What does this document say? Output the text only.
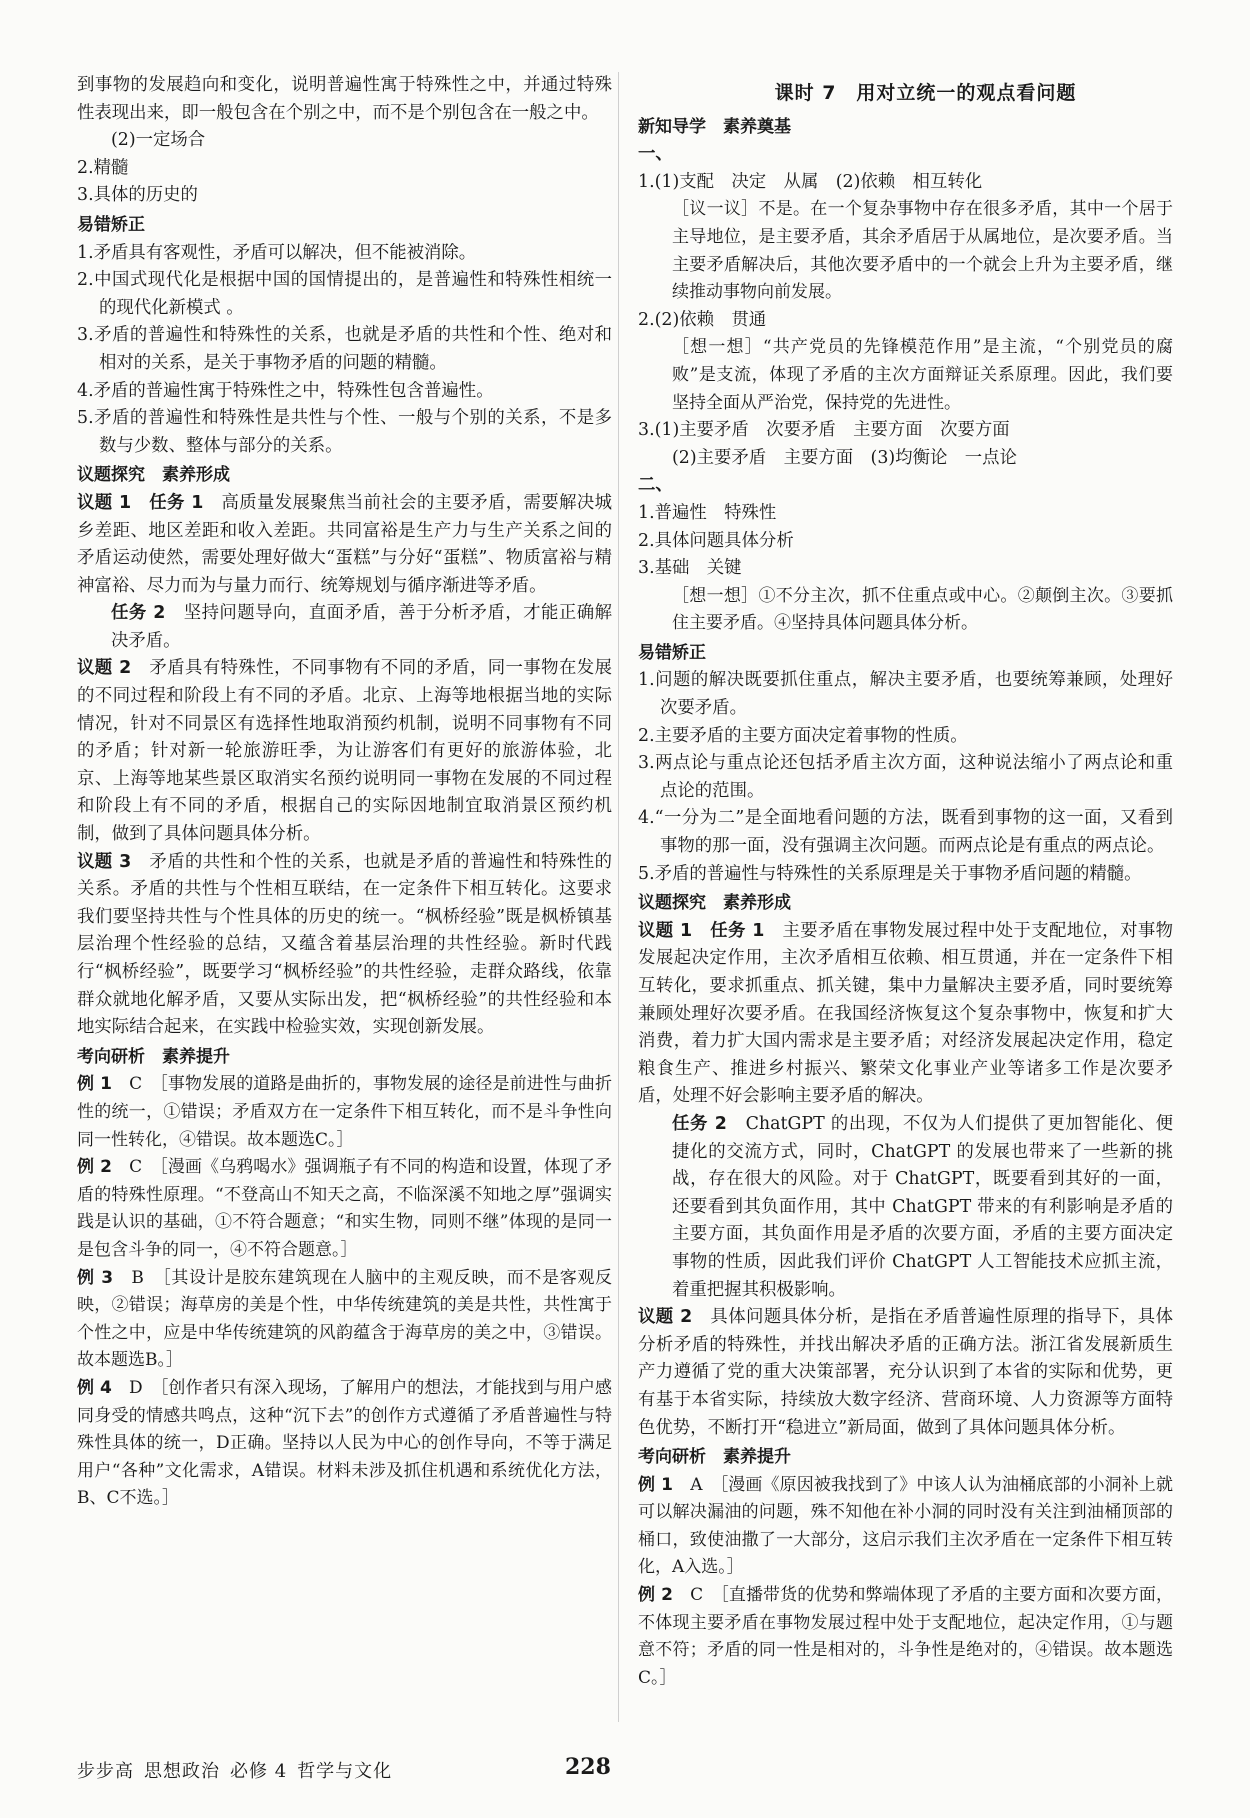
到事物的发展趋向和变化，说明普遍性寓于特殊性之中，并通过特殊性表现出来，即一般包含在个别之中，而不是个别包含在一般之中。

(2)一定场合

2.精髓

3.具体的历史的

易错矫正

1.矛盾具有客观性，矛盾可以解决，但不能被消除。

2.中国式现代化是根据中国的国情提出的，是普遍性和特殊性相统一的现代化新模式 。

3.矛盾的普遍性和特殊性的关系，也就是矛盾的共性和个性、绝对和相对的关系，是关于事物矛盾的问题的精髓。

4.矛盾的普遍性寓于特殊性之中，特殊性包含普遍性。

5.矛盾的普遍性和特殊性是共性与个性、一般与个别的关系，不是多数与少数、整体与部分的关系。

议题探究　素养形成

议题 1　 任务 1　 高质量发展聚焦当前社会的主要矛盾，需要解决城乡差距、地区差距和收入差距。共同富裕是生产力与生产关系之间的矛盾运动使然，需要处理好做大“蛋糕”与分好“蛋糕”、物质富裕与精神富裕、尽力而为与量力而行、统筹规划与循序渐进等矛盾。

任务 2　 坚持问题导向，直面矛盾，善于分析矛盾，才能正确解决矛盾。

议题 2　 矛盾具有特殊性，不同事物有不同的矛盾，同一事物在发展的不同过程和阶段上有不同的矛盾。北京、上海等地根据当地的实际情况，针对不同景区有选择性地取消预约机制，说明不同事物有不同的矛盾；针对新一轮旅游旺季，为让游客们有更好的旅游体验，北京、上海等地某些景区取消实名预约说明同一事物在发展的不同过程和阶段上有不同的矛盾，根据自己的实际因地制宜取消景区预约机制，做到了具体问题具体分析。

议题 3　 矛盾的共性和个性的关系，也就是矛盾的普遍性和特殊性的关系。矛盾的共性与个性相互联结，在一定条件下相互转化。这要求我们要坚持共性与个性具体的历史的统一。“枫桥经验”既是枫桥镇基层治理个性经验的总结，又蕴含着基层治理的共性经验。新时代践行“枫桥经验”，既要学习“枫桥经验”的共性经验，走群众路线，依靠群众就地化解矛盾，又要从实际出发，把“枫桥经验”的共性经验和本地实际结合起来，在实践中检验实效，实现创新发展。

考向研析　素养提升

例 1　 C　 ［事物发展的道路是曲折的，事物发展的途径是前进性与曲折性的统一，①错误；矛盾双方在一定条件下相互转化，而不是斗争性向同一性转化，④错误。故本题选C。］

例 2　 C　 ［漫画《乌鸦喝水》强调瓶子有不同的构造和设置，体现了矛盾的特殊性原理。“不登高山不知天之高，不临深溪不知地之厚”强调实践是认识的基础，①不符合题意；“和实生物，同则不继”体现的是同一是包含斗争的同一，④不符合题意。］

例 3　 B　 ［其设计是胶东建筑现在人脑中的主观反映，而不是客观反映，②错误；海草房的美是个性，中华传统建筑的美是共性，共性寓于个性之中，应是中华传统建筑的风韵蕴含于海草房的美之中，③错误。故本题选B。］

例 4　 D　 ［创作者只有深入现场，了解用户的想法，才能找到与用户感同身受的情感共鸣点，这种“沉下去”的创作方式遵循了矛盾普遍性与特殊性具体的统一，D正确。坚持以人民为中心的创作导向，不等于满足用户“各种”文化需求，A错误。材料未涉及抓住机遇和系统优化方法，B、C不选。］

课时 7　用对立统一的观点看问题

新知导学　素养奠基

一、

1.(1)支配　决定　从属　(2)依赖　相互转化

［议一议］不是。在一个复杂事物中存在很多矛盾，其中一个居于主导地位，是主要矛盾，其余矛盾居于从属地位，是次要矛盾。当主要矛盾解决后，其他次要矛盾中的一个就会上升为主要矛盾，继续推动事物向前发展。

2.(2)依赖　贯通

［想一想］“共产党员的先锋模范作用”是主流，“个别党员的腐败”是支流，体现了矛盾的主次方面辩证关系原理。因此，我们要坚持全面从严治党，保持党的先进性。

3.(1)主要矛盾　次要矛盾　主要方面　次要方面

(2)主要矛盾　主要方面　(3)均衡论　一点论

二、

1.普遍性　特殊性

2.具体问题具体分析

3.基础　关键

［想一想］①不分主次，抓不住重点或中心。②颠倒主次。③要抓住主要矛盾。④坚持具体问题具体分析。

易错矫正

1.问题的解决既要抓住重点，解决主要矛盾，也要统筹兼顾，处理好次要矛盾。

2.主要矛盾的主要方面决定着事物的性质。

3.两点论与重点论还包括矛盾主次方面，这种说法缩小了两点论和重点论的范围。

4.“一分为二”是全面地看问题的方法，既看到事物的这一面，又看到事物的那一面，没有强调主次问题。而两点论是有重点的两点论。

5.矛盾的普遍性与特殊性的关系原理是关于事物矛盾问题的精髓。

议题探究　素养形成

议题 1　 任务 1　 主要矛盾在事物发展过程中处于支配地位，对事物发展起决定作用，主次矛盾相互依赖、相互贯通，并在一定条件下相互转化，要求抓重点、抓关键，集中力量解决主要矛盾，同时要统筹兼顾处理好次要矛盾。在我国经济恢复这个复杂事物中，恢复和扩大消费，着力扩大国内需求是主要矛盾；对经济发展起决定作用，稳定粮食生产、推进乡村振兴、繁荣文化事业产业等诸多工作是次要矛盾，处理不好会影响主要矛盾的解决。

任务 2　 ChatGPT 的出现，不仅为人们提供了更加智能化、便捷化的交流方式，同时，ChatGPT 的发展也带来了一些新的挑战，存在很大的风险。对于 ChatGPT，既要看到其好的一面，还要看到其负面作用，其中 ChatGPT 带来的有利影响是矛盾的主要方面，其负面作用是矛盾的次要方面，矛盾的主要方面决定事物的性质，因此我们评价 ChatGPT 人工智能技术应抓主流，着重把握其积极影响。

议题 2　 具体问题具体分析，是指在矛盾普遍性原理的指导下，具体分析矛盾的特殊性，并找出解决矛盾的正确方法。浙江省发展新质生产力遵循了党的重大决策部署，充分认识到了本省的实际和优势，更有基于本省实际，持续放大数字经济、营商环境、人力资源等方面特色优势，不断打开“稳进立”新局面，做到了具体问题具体分析。

考向研析　素养提升

例 1　 A　 ［漫画《原因被我找到了》中该人认为油桶底部的小洞补上就可以解决漏油的问题，殊不知他在补小洞的同时没有关注到油桶顶部的桶口，致使油撒了一大部分，这启示我们主次矛盾在一定条件下相互转化，A入选。］

例 2　 C　 ［直播带货的优势和弊端体现了矛盾的主要方面和次要方面，不体现主要矛盾在事物发展过程中处于支配地位，起决定作用，①与题意不符；矛盾的同一性是相对的，斗争性是绝对的，④错误。故本题选C。］

步步高 思想政治 必修 4 哲学与文化	228
